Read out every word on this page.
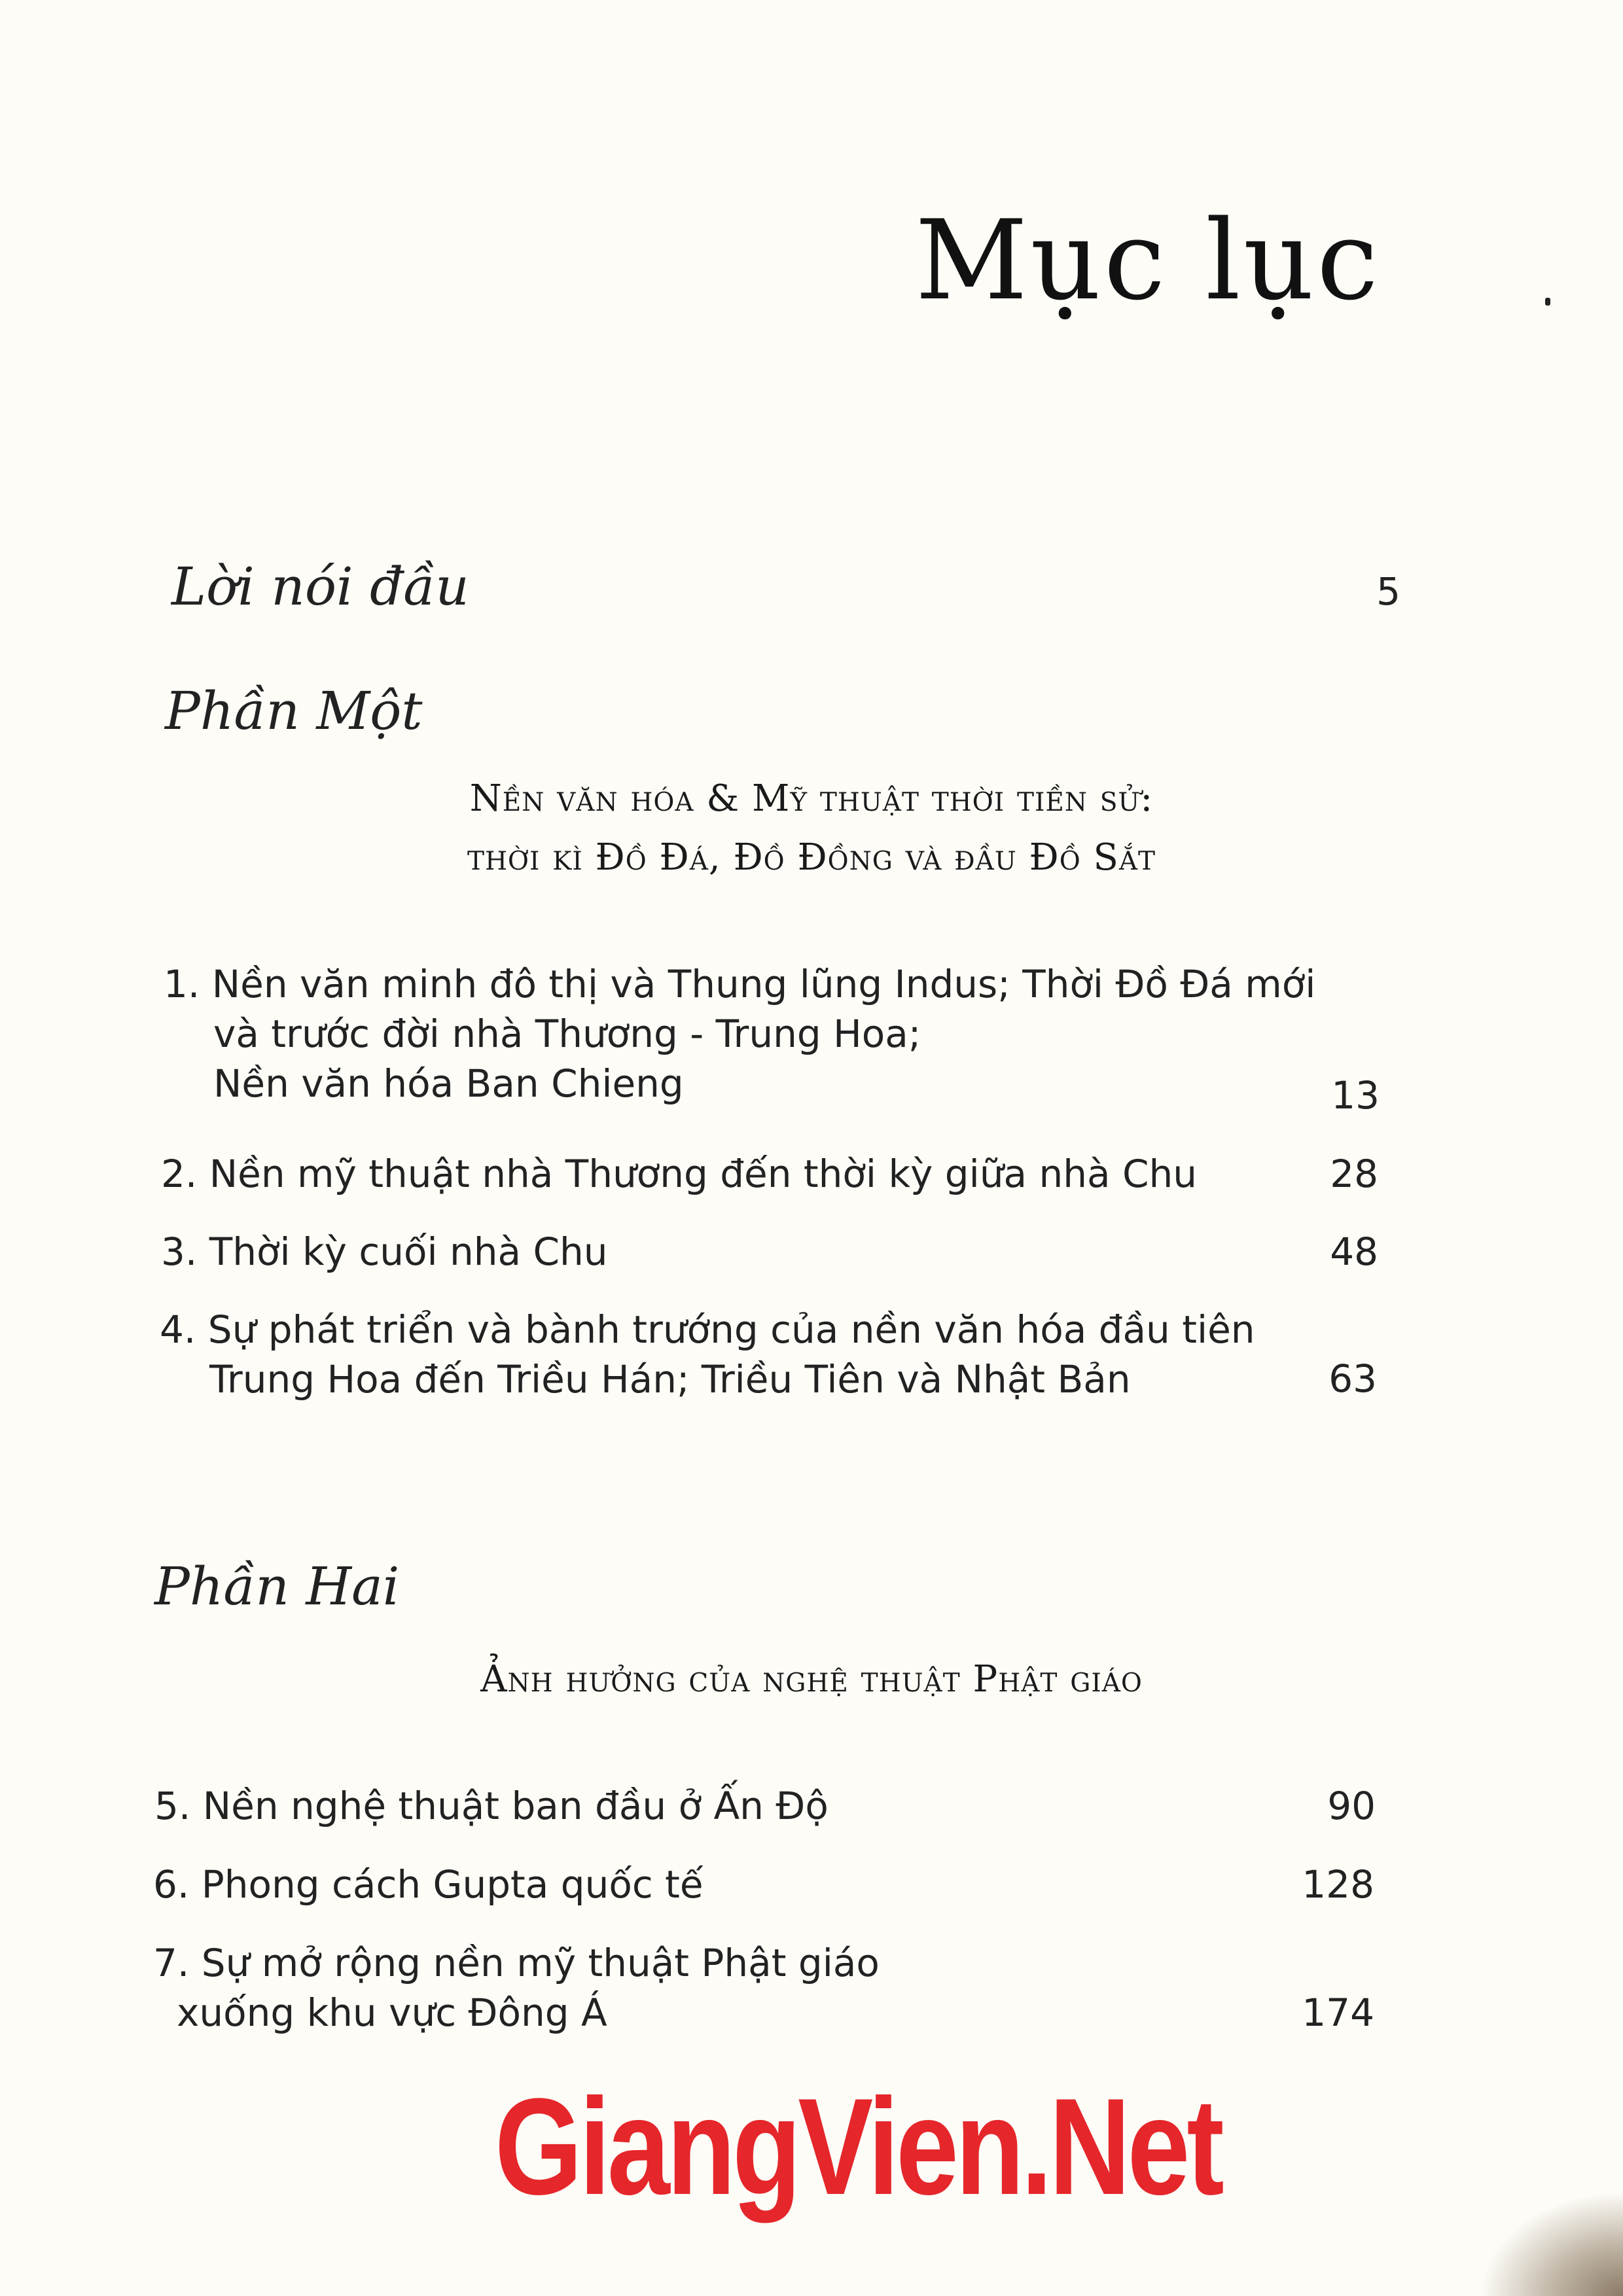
Mục lục
Lời nói đầu	5
Phần Một
Nền văn hóa & Mỹ thuật thời tiền sử:
thời kì Đồ Đá, Đồ Đồng và đầu Đồ Sắt
1. Nền văn minh đô thị và Thung lũng Indus; Thời Đồ Đá mới
và trước đời nhà Thương - Trung Hoa;
Nền văn hóa Ban Chieng	13
2. Nền mỹ thuật nhà Thương đến thời kỳ giữa nhà Chu	28
3. Thời kỳ cuối nhà Chu	48
4. Sự phát triển và bành trướng của nền văn hóa đầu tiên
Trung Hoa đến Triều Hán; Triều Tiên và Nhật Bản	63
Phần Hai
Ảnh hưởng của nghệ thuật Phật giáo
5. Nền nghệ thuật ban đầu ở Ấn Độ	90
6. Phong cách Gupta quốc tế	128
7. Sự mở rộng nền mỹ thuật Phật giáo
xuống khu vực Đông Á	174
GiangVien.Net
